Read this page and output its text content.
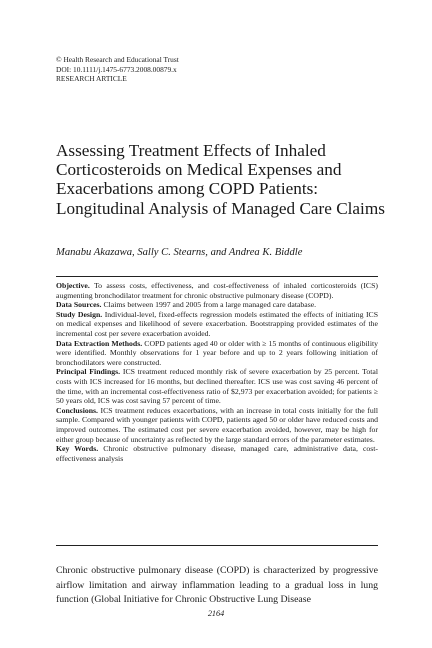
© Health Research and Educational Trust
DOI: 10.1111/j.1475-6773.2008.00879.x
RESEARCH ARTICLE
Assessing Treatment Effects of Inhaled Corticosteroids on Medical Expenses and Exacerbations among COPD Patients: Longitudinal Analysis of Managed Care Claims
Manabu Akazawa, Sally C. Stearns, and Andrea K. Biddle

Objective. To assess costs, effectiveness, and cost-effectiveness of inhaled corticosteroids (ICS) augmenting bronchodilator treatment for chronic obstructive pulmonary disease (COPD).

Data Sources. Claims between 1997 and 2005 from a large managed care database.

Study Design. Individual-level, fixed-effects regression models estimated the effects of initiating ICS on medical expenses and likelihood of severe exacerbation. Bootstrapping provided estimates of the incremental cost per severe exacerbation avoided.

Data Extraction Methods. COPD patients aged 40 or older with ≥ 15 months of continuous eligibility were identified. Monthly observations for 1 year before and up to 2 years following initiation of bronchodilators were constructed.

Principal Findings. ICS treatment reduced monthly risk of severe exacerbation by 25 percent. Total costs with ICS increased for 16 months, but declined thereafter. ICS use was cost saving 46 percent of the time, with an incremental cost-effectiveness ratio of $2,973 per exacerbation avoided; for patients ≥ 50 years old, ICS was cost saving 57 percent of time.

Conclusions. ICS treatment reduces exacerbations, with an increase in total costs initially for the full sample. Compared with younger patients with COPD, patients aged 50 or older have reduced costs and improved outcomes. The estimated cost per severe exacerbation avoided, however, may be high for either group because of uncertainty as reflected by the large standard errors of the parameter estimates.

Key Words. Chronic obstructive pulmonary disease, managed care, administrative data, cost-effectiveness analysis

Chronic obstructive pulmonary disease (COPD) is characterized by progressive airflow limitation and airway inflammation leading to a gradual loss in lung function (Global Initiative for Chronic Obstructive Lung Disease

2164
